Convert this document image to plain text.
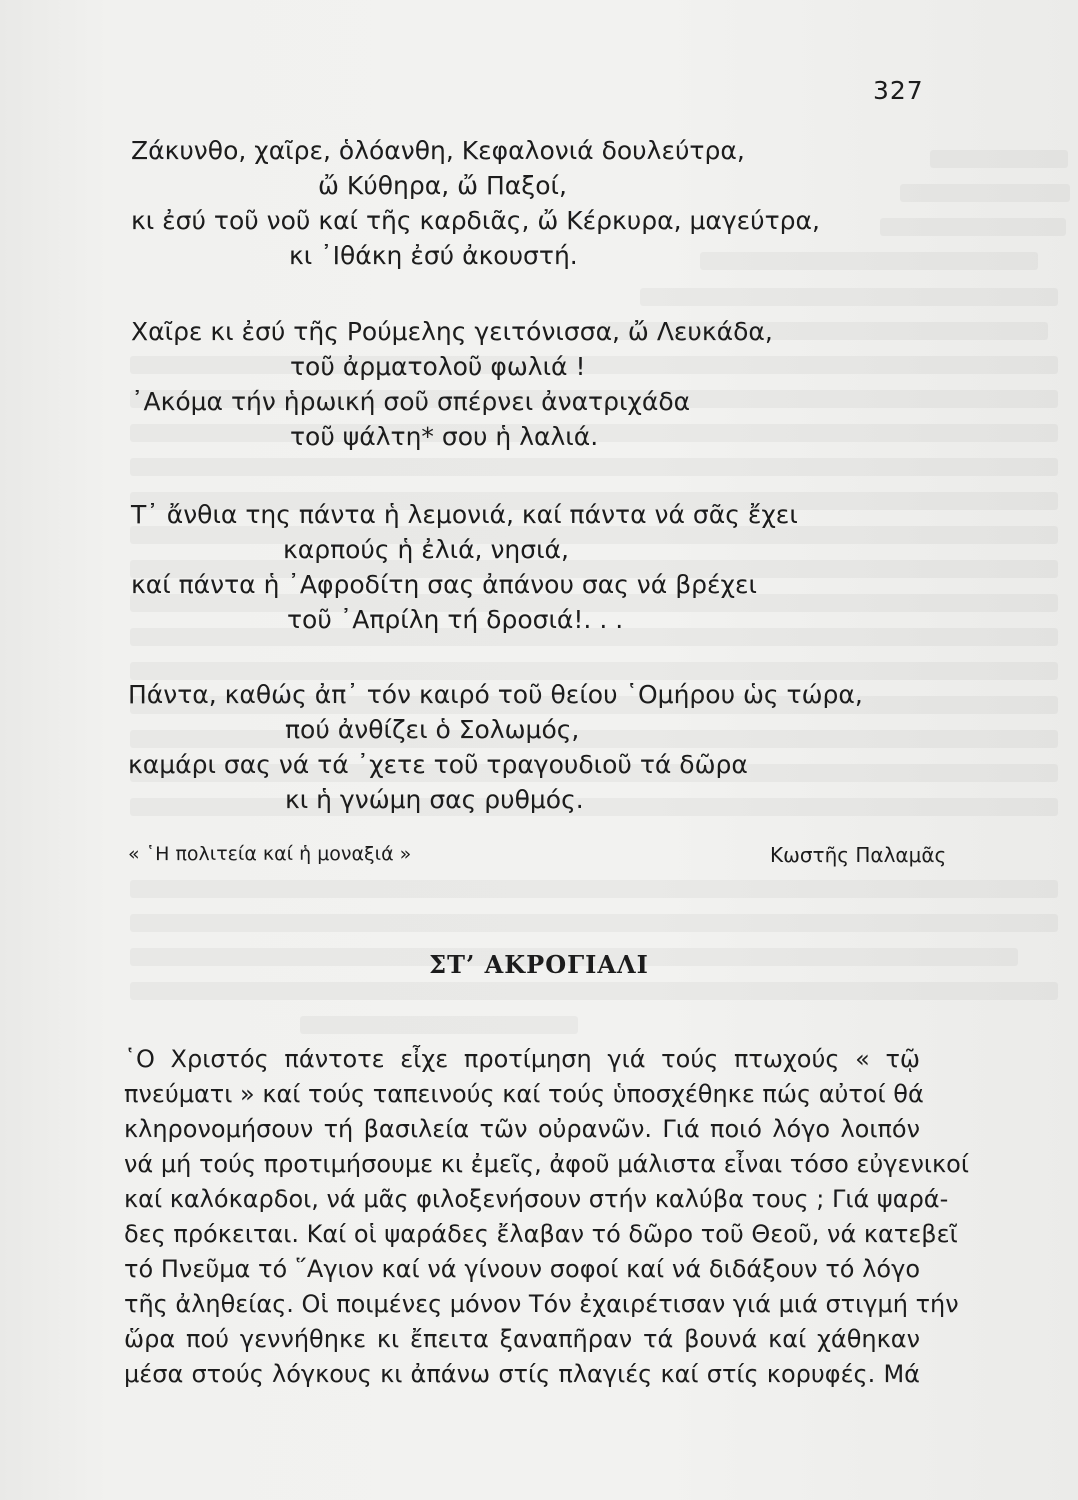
327
Ζάκυνθο, χαῖρε, ὁλόανθη, Κεφαλονιά δουλεύτρα,
ὤ Κύθηρα, ὤ Παξοί,
κι ἐσύ τοῦ νοῦ καί τῆς καρδιᾶς, ὤ Κέρκυρα, μαγεύτρα,
κι ᾿Ιθάκη ἐσύ ἀκουστή.
Χαῖρε κι ἐσύ τῆς Ρούμελης γειτόνισσα, ὤ Λευκάδα,
τοῦ ἀρματολοῦ φωλιά !
᾿Ακόμα τήν ἡρωική σοῦ σπέρνει ἀνατριχάδα
τοῦ ψάλτη* σου ἡ λαλιά.
Τ᾿ ἄνθια της πάντα ἡ λεμονιά, καί πάντα νά σᾶς ἔχει
καρπούς ἡ ἐλιά, νησιά,
καί πάντα ἡ ᾿Αφροδίτη σας ἀπάνου σας νά βρέχει
τοῦ ᾿Απρίλη τή δροσιά!. . .
Πάντα, καθώς ἀπ᾿ τόν καιρό τοῦ θείου ῾Ομήρου ὡς τώρα,
πού ἀνθίζει ὁ Σολωμός,
καμάρι σας νά τά ᾿χετε τοῦ τραγουδιοῦ τά δῶρα
κι ἡ γνώμη σας ρυθμός.
« ῾Η πολιτεία καί ἡ μοναξιά »	Κωστῆς Παλαμᾶς
ΣΤ’ ΑΚΡΟΓΙΑΛΙ
῾Ο Χριστός πάντοτε εἶχε προτίμηση γιά τούς πτωχούς « τῷ
πνεύματι » καί τούς ταπεινούς καί τούς ὑποσχέθηκε πώς αὐτοί θά
κληρονομήσουν τή βασιλεία τῶν οὐρανῶν. Γιά ποιό λόγο λοιπόν
νά μή τούς προτιμήσουμε κι ἐμεῖς, ἀφοῦ μάλιστα εἶναι τόσο εὐγενικοί
καί καλόκαρδοι, νά μᾶς φιλοξενήσουν στήν καλύβα τους ; Γιά ψαρά-
δες πρόκειται. Καί οἱ ψαράδες ἔλαβαν τό δῶρο τοῦ Θεοῦ, νά κατεβεῖ
τό Πνεῦμα τό ῞Αγιον καί νά γίνουν σοφοί καί νά διδάξουν τό λόγο
τῆς ἀληθείας. Οἱ ποιμένες μόνον Τόν ἐχαιρέτισαν γιά μιά στιγμή τήν
ὥρα πού γεννήθηκε κι ἔπειτα ξαναπῆραν τά βουνά καί χάθηκαν
μέσα στούς λόγκους κι ἀπάνω στίς πλαγιές καί στίς κορυφές. Μά
